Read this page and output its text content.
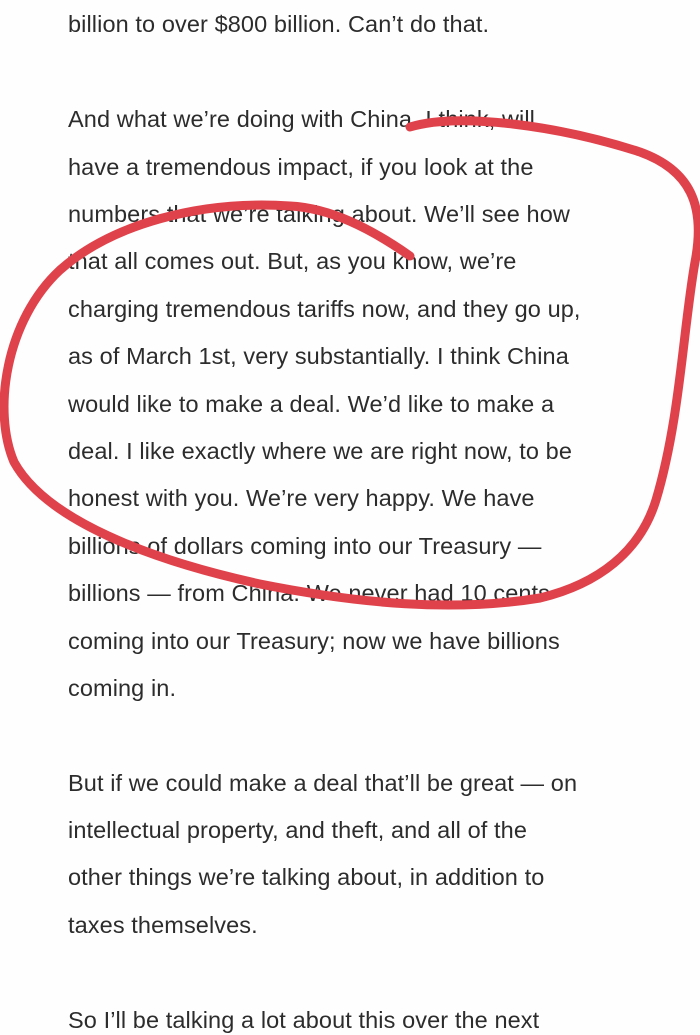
billion to over $800 billion. Can’t do that.
And what we’re doing with China, I think, will
have a tremendous impact, if you look at the
numbers that we’re talking about. We’ll see how
that all comes out. But, as you know, we’re
charging tremendous tariffs now, and they go up,
as of March 1st, very substantially. I think China
would like to make a deal. We’d like to make a
deal. I like exactly where we are right now, to be
honest with you. We’re very happy. We have
billions of dollars coming into our Treasury —
billions — from China. We never had 10 cents
coming into our Treasury; now we have billions
coming in.
But if we could make a deal that’ll be great — on
intellectual property, and theft, and all of the
other things we’re talking about, in addition to
taxes themselves.
So I’ll be talking a lot about this over the next
